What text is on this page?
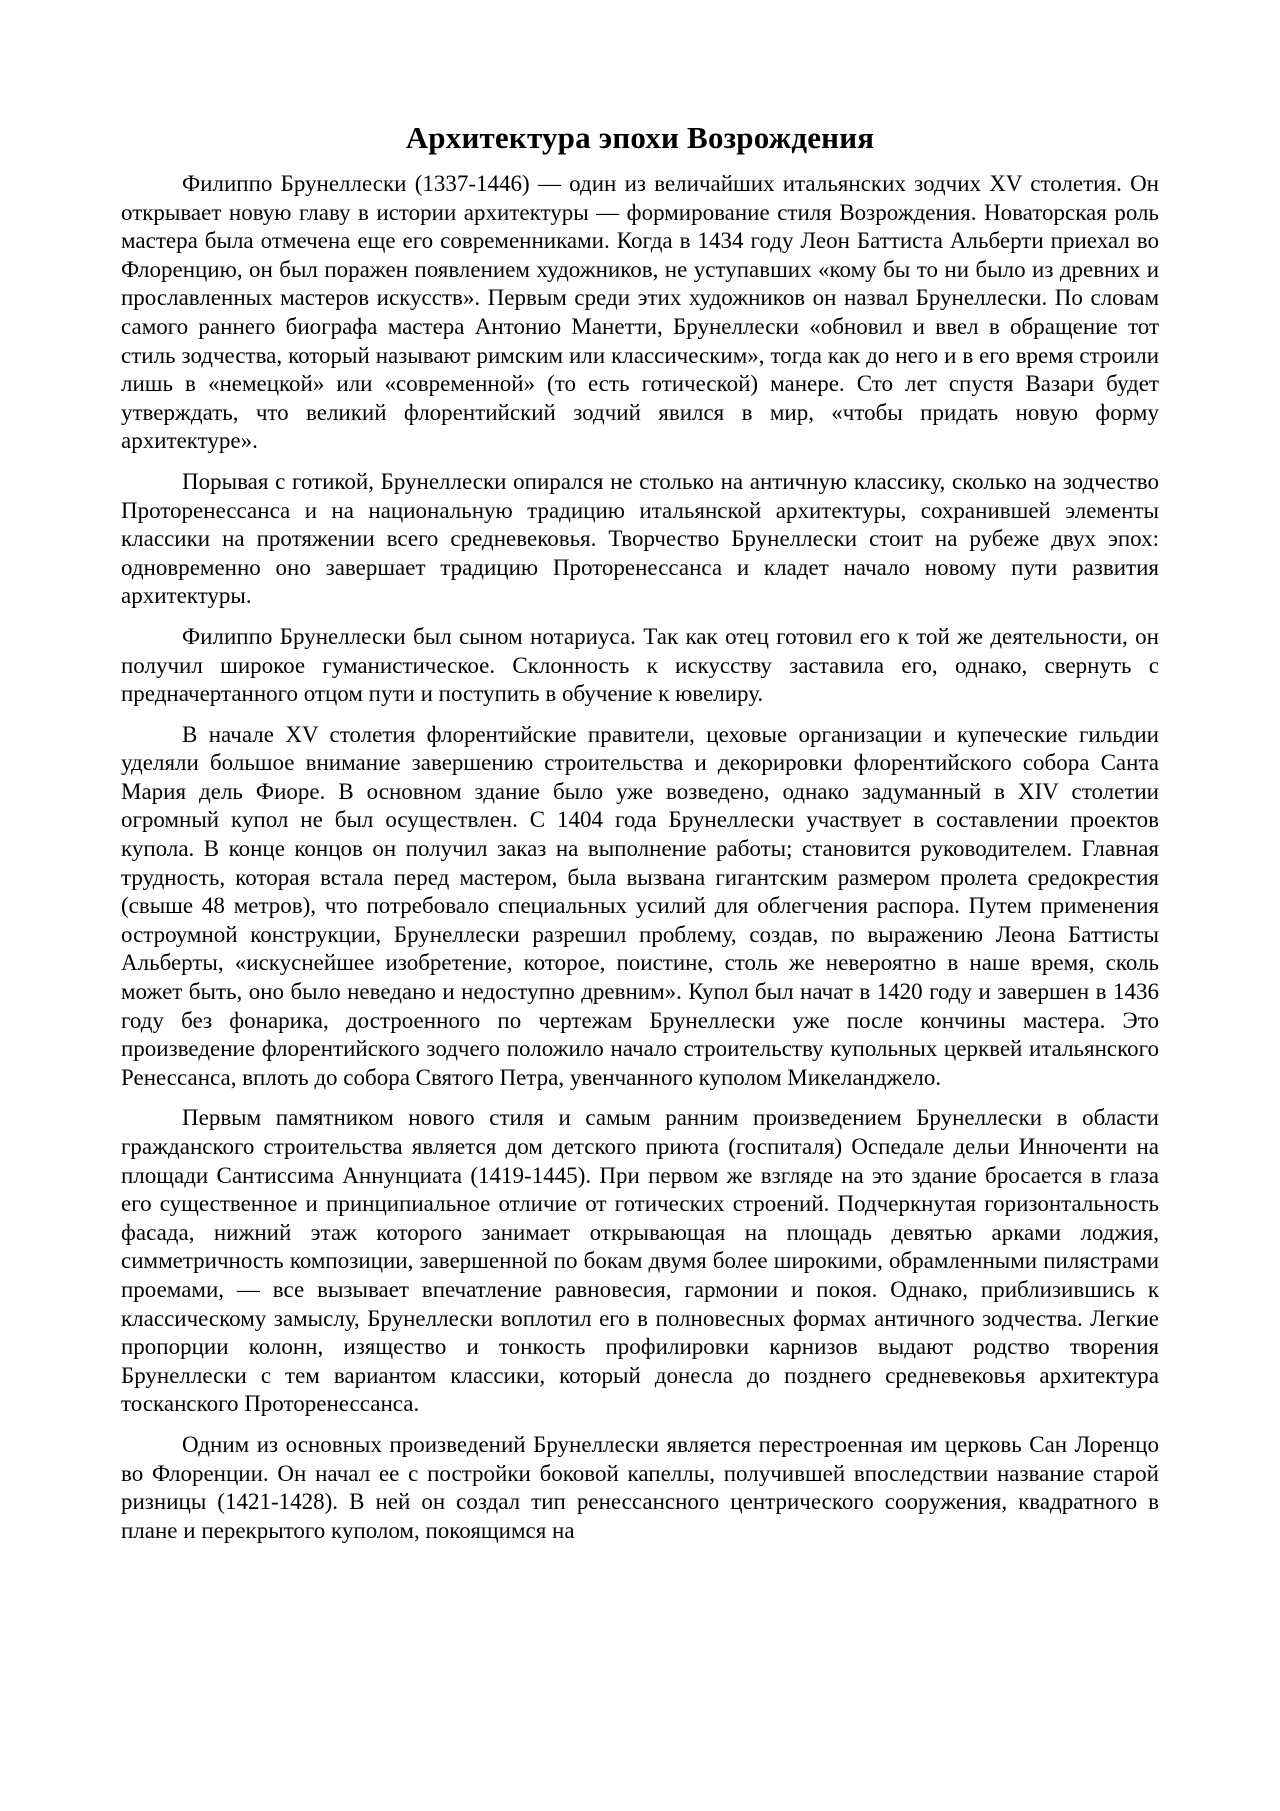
Архитектура эпохи Возрождения

Филиппо Брунеллески (1337-1446) — один из величайших итальянских зодчих XV столетия. Он открывает новую главу в истории архитектуры — формирование стиля Возрождения. Новаторская роль мастера была отмечена еще его современниками. Когда в 1434 году Леон Баттиста Альберти приехал во Флоренцию, он был поражен появлением художников, не уступавших «кому бы то ни было из древних и прославленных мастеров искусств». Первым среди этих художников он назвал Брунеллески. По словам самого раннего биографа мастера Антонио Манетти, Брунеллески «обновил и ввел в обращение тот стиль зодчества, который называют римским или классическим», тогда как до него и в его время строили лишь в «немецкой» или «современной» (то есть готической) манере. Сто лет спустя Вазари будет утверждать, что великий флорентийский зодчий явился в мир, «чтобы придать новую форму архитектуре».

Порывая с готикой, Брунеллески опирался не столько на античную классику, сколько на зодчество Проторенессанса и на национальную традицию итальянской архитектуры, сохранившей элементы классики на протяжении всего средневековья. Творчество Брунеллески стоит на рубеже двух эпох: одновременно оно завершает традицию Проторенессанса и кладет начало новому пути развития архитектуры.

Филиппо Брунеллески был сыном нотариуса. Так как отец готовил его к той же деятельности, он получил широкое гуманистическое. Склонность к искусству заставила его, однако, свернуть с предначертанного отцом пути и поступить в обучение к ювелиру.

В начале XV столетия флорентийские правители, цеховые организации и купеческие гильдии уделяли большое внимание завершению строительства и декорировки флорентийского собора Санта Мария дель Фиоре. В основном здание было уже возведено, однако задуманный в XIV столетии огромный купол не был осуществлен. С 1404 года Брунеллески участвует в составлении проектов купола. В конце концов он получил заказ на выполнение работы; становится руководителем. Главная трудность, которая встала перед мастером, была вызвана гигантским размером пролета средокрестия (свыше 48 метров), что потребовало специальных усилий для облегчения распора. Путем применения остроумной конструкции, Брунеллески разрешил проблему, создав, по выражению Леона Баттисты Альберты, «искуснейшее изобретение, которое, поистине, столь же невероятно в наше время, сколь может быть, оно было неведано и недоступно древним». Купол был начат в 1420 году и завершен в 1436 году без фонарика, достроенного по чертежам Брунеллески уже после кончины мастера. Это произведение флорентийского зодчего положило начало строительству купольных церквей итальянского Ренессанса, вплоть до собора Святого Петра, увенчанного куполом Микеланджело.

Первым памятником нового стиля и самым ранним произведением Брунеллески в области гражданского строительства является дом детского приюта (госпиталя) Оспедале дельи Инноченти на площади Сантиссима Аннунциата (1419-1445). При первом же взгляде на это здание бросается в глаза его существенное и принципиальное отличие от готических строений. Подчеркнутая горизонтальность фасада, нижний этаж которого занимает открывающая на площадь девятью арками лоджия, симметричность композиции, завершенной по бокам двумя более широкими, обрамленными пилястрами проемами, — все вызывает впечатление равновесия, гармонии и покоя. Однако, приблизившись к классическому замыслу, Брунеллески воплотил его в полновесных формах античного зодчества. Легкие пропорции колонн, изящество и тонкость профилировки карнизов выдают родство творения Брунеллески с тем вариантом классики, который донесла до позднего средневековья архитектура тосканского Проторенессанса.

Одним из основных произведений Брунеллески является перестроенная им церковь Сан Лоренцо во Флоренции. Он начал ее с постройки боковой капеллы, получившей впоследствии название старой ризницы (1421-1428). В ней он создал тип ренессансного центрического сооружения, квадратного в плане и перекрытого куполом, покоящимся на
